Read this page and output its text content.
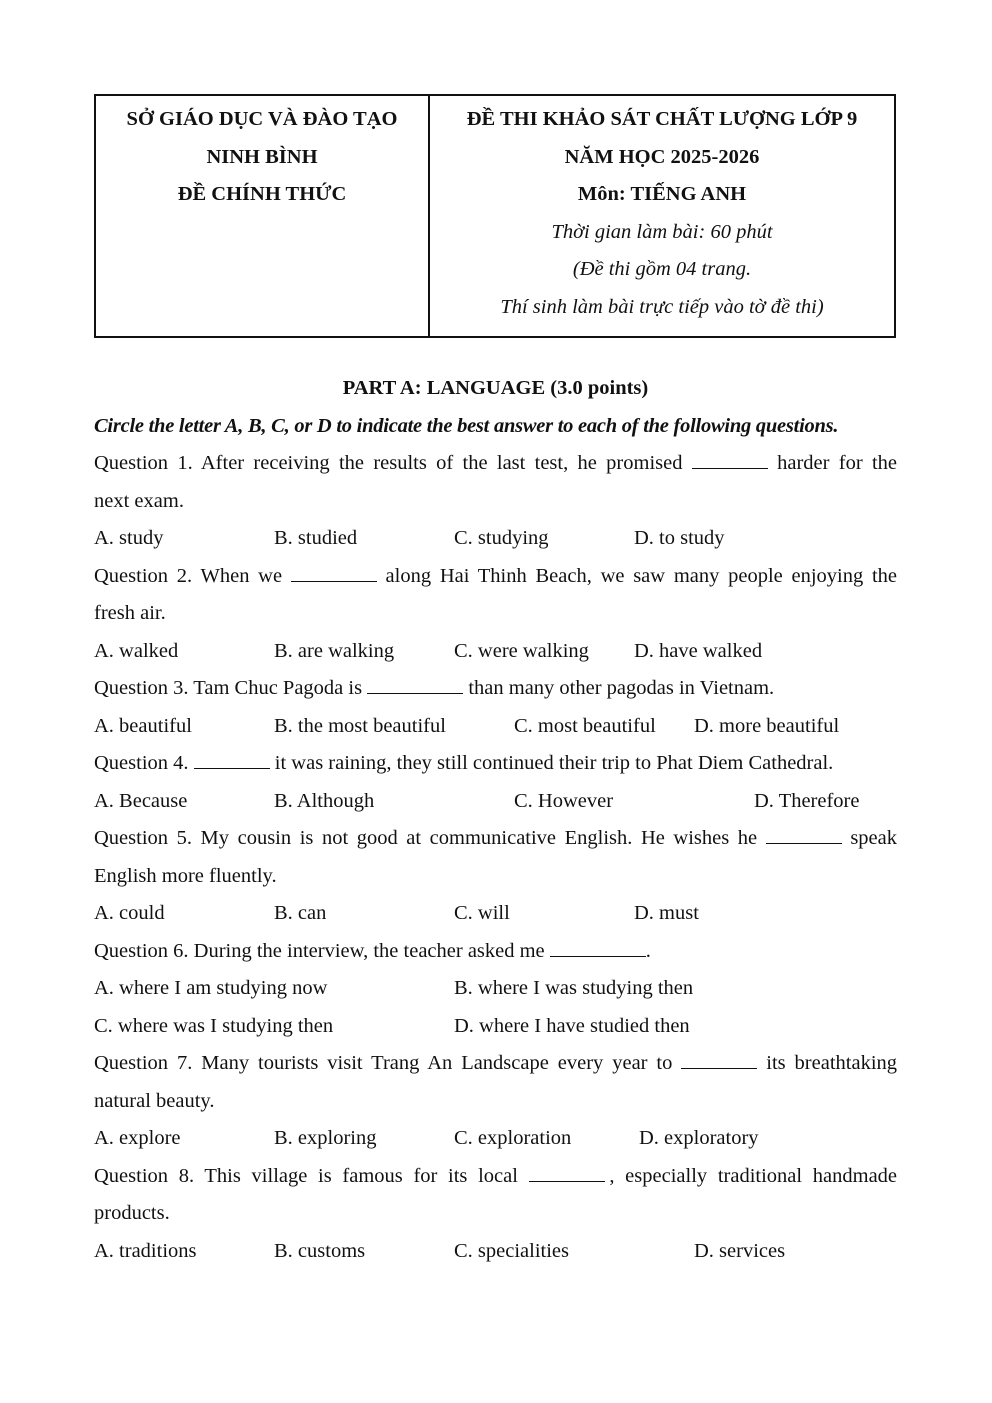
SỞ GIÁO DỤC VÀ ĐÀO TẠO
NINH BÌNH
ĐỀ CHÍNH THỨC
ĐỀ THI KHẢO SÁT CHẤT LƯỢNG LỚP 9
NĂM HỌC 2025-2026
Môn: TIẾNG ANH
Thời gian làm bài: 60 phút
(Đề thi gồm 04 trang.
Thí sinh làm bài trực tiếp vào tờ đề thi)
PART A: LANGUAGE (3.0 points)
Circle the letter A, B, C, or D to indicate the best answer to each of the following questions.
Question 1. After receiving the results of the last test, he promised	harder for the
next exam.
A. study	B. studied	C. studying	D. to study
Question 2. When we	along Hai Thinh Beach, we saw many people enjoying the
fresh air.
A. walked	B. are walking	C. were walking D. have walked
Question 3. Tam Chuc Pagoda is	than many other pagodas in Vietnam.
A. beautiful	B. the most beautiful	C. most beautiful D. more beautiful
Question 4.	it was raining, they still continued their trip to Phat Diem Cathedral.
A. Because	B. Although	C. However	D. Therefore
Question 5. My cousin is not good at communicative English. He wishes he	speak
English more fluently.
A. could	B. can	C. will	D. must
Question 6. During the interview, the teacher asked me	.
A. where I am studying now	B. where I was studying then
C. where was I studying then	D. where I have studied then
Question 7. Many tourists visit Trang An Landscape every year to	its breathtaking
natural beauty.
A. explore	B. exploring	C. exploration	D. exploratory
Question 8. This village is famous for its local	, especially traditional handmade
products.
A. traditions	B. customs	C. specialities	D. services
